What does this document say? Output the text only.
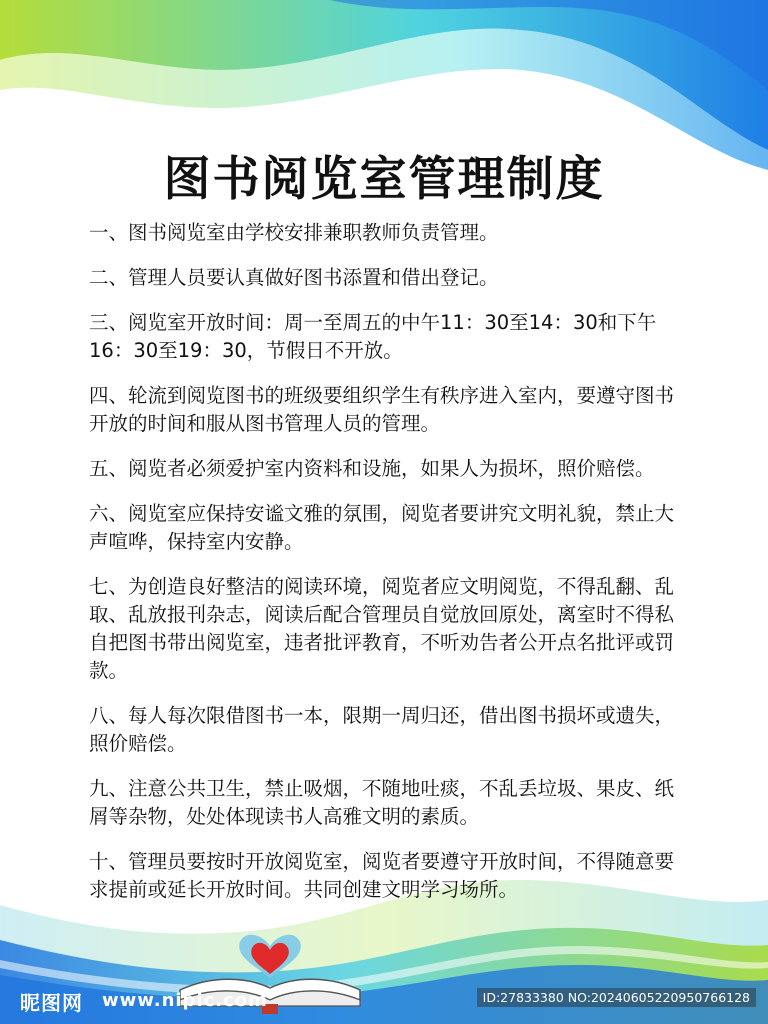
图书阅览室管理制度
一、图书阅览室由学校安排兼职教师负责管理。
二、管理人员要认真做好图书添置和借出登记。
三、阅览室开放时间：周一至周五的中午11：30至14：30和下午16：30至19：30，节假日不开放。
四、轮流到阅览图书的班级要组织学生有秩序进入室内，要遵守图书开放的时间和服从图书管理人员的管理。
五、阅览者必须爱护室内资料和设施，如果人为损坏，照价赔偿。
六、阅览室应保持安谧文雅的氛围，阅览者要讲究文明礼貌，禁止大声喧哗，保持室内安静。
七、为创造良好整洁的阅读环境，阅览者应文明阅览，不得乱翻、乱取、乱放报刊杂志，阅读后配合管理员自觉放回原处，离室时不得私自把图书带出阅览室，违者批评教育，不听劝告者公开点名批评或罚款。
八、每人每次限借图书一本，限期一周归还，借出图书损坏或遗失，照价赔偿。
九、注意公共卫生，禁止吸烟，不随地吐痰，不乱丢垃圾、果皮、纸屑等杂物，处处体现读书人高雅文明的素质。
十、管理员要按时开放阅览室，阅览者要遵守开放时间，不得随意要求提前或延长开放时间。共同创建文明学习场所。
昵图网 www.nipic.com	ID:27833380 NO:20240605220950766128
